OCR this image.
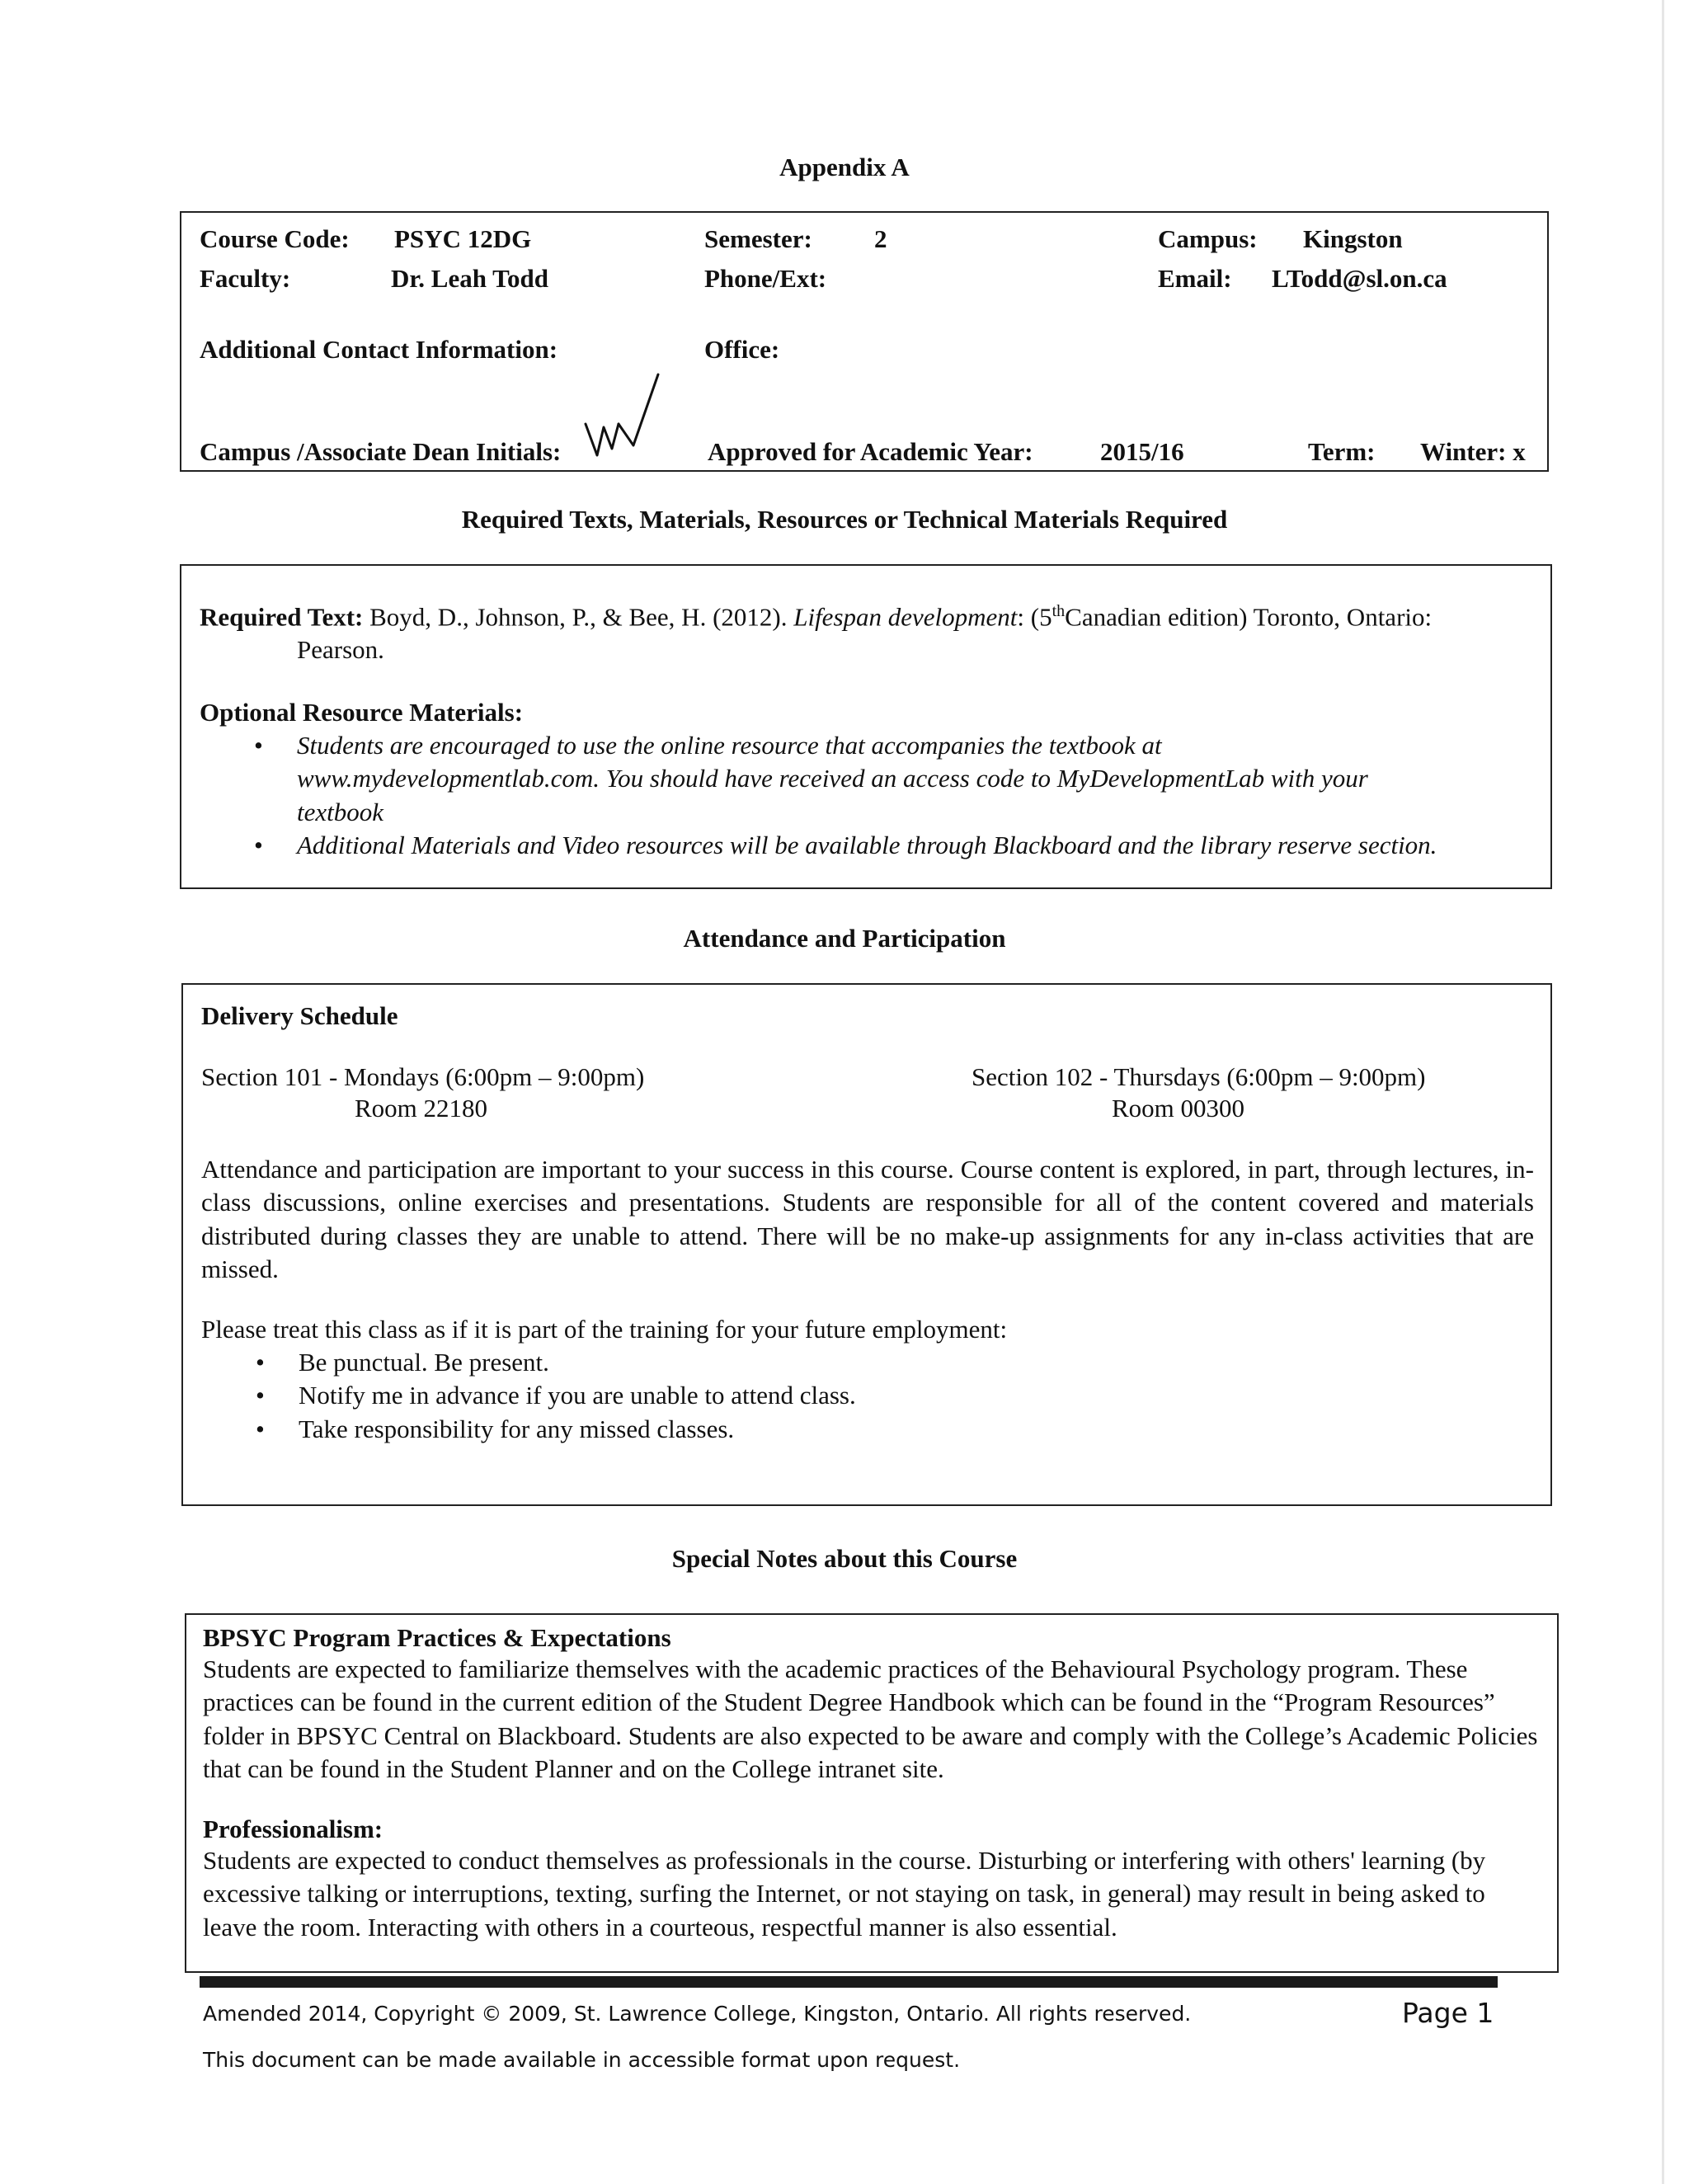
Appendix A
Course Code: PSYC 12DG	Semester: 2	Campus: Kingston
Faculty:	Dr. Leah Todd	Phone/Ext:	Email: LTodd@sl.on.ca
Additional Contact Information:	Office:
Campus /Associate Dean Initials:	Approved for Academic Year:	2015/16	Term: Winter: x
Required Texts, Materials, Resources or Technical Materials Required
Required Text: Boyd, D., Johnson, P., & Bee, H. (2012). Lifespan development: (5thCanadian edition) Toronto, Ontario:
Pearson.
Optional Resource Materials:
• Students are encouraged to use the online resource that accompanies the textbook at www.mydevelopmentlab.com. You should have received an access code to MyDevelopmentLab with your textbook
• Additional Materials and Video resources will be available through Blackboard and the library reserve section.
Attendance and Participation
Delivery Schedule
Section 101 - Mondays (6:00pm – 9:00pm)
Room 22180
Section 102 - Thursdays (6:00pm – 9:00pm)
Room 00300
Attendance and participation are important to your success in this course. Course content is explored, in part, through lectures, in-class discussions, online exercises and presentations. Students are responsible for all of the content covered and materials distributed during classes they are unable to attend. There will be no make-up assignments for any in-class activities that are missed.
Please treat this class as if it is part of the training for your future employment:
• Be punctual. Be present.
• Notify me in advance if you are unable to attend class.
• Take responsibility for any missed classes.
Special Notes about this Course
BPSYC Program Practices & Expectations
Students are expected to familiarize themselves with the academic practices of the Behavioural Psychology program. These practices can be found in the current edition of the Student Degree Handbook which can be found in the “Program Resources” folder in BPSYC Central on Blackboard. Students are also expected to be aware and comply with the College’s Academic Policies that can be found in the Student Planner and on the College intranet site.
Professionalism:
Students are expected to conduct themselves as professionals in the course. Disturbing or interfering with others' learning (by excessive talking or interruptions, texting, surfing the Internet, or not staying on task, in general) may result in being asked to leave the room. Interacting with others in a courteous, respectful manner is also essential.
Amended 2014, Copyright © 2009, St. Lawrence College, Kingston, Ontario. All rights reserved.	Page 1
This document can be made available in accessible format upon request.
